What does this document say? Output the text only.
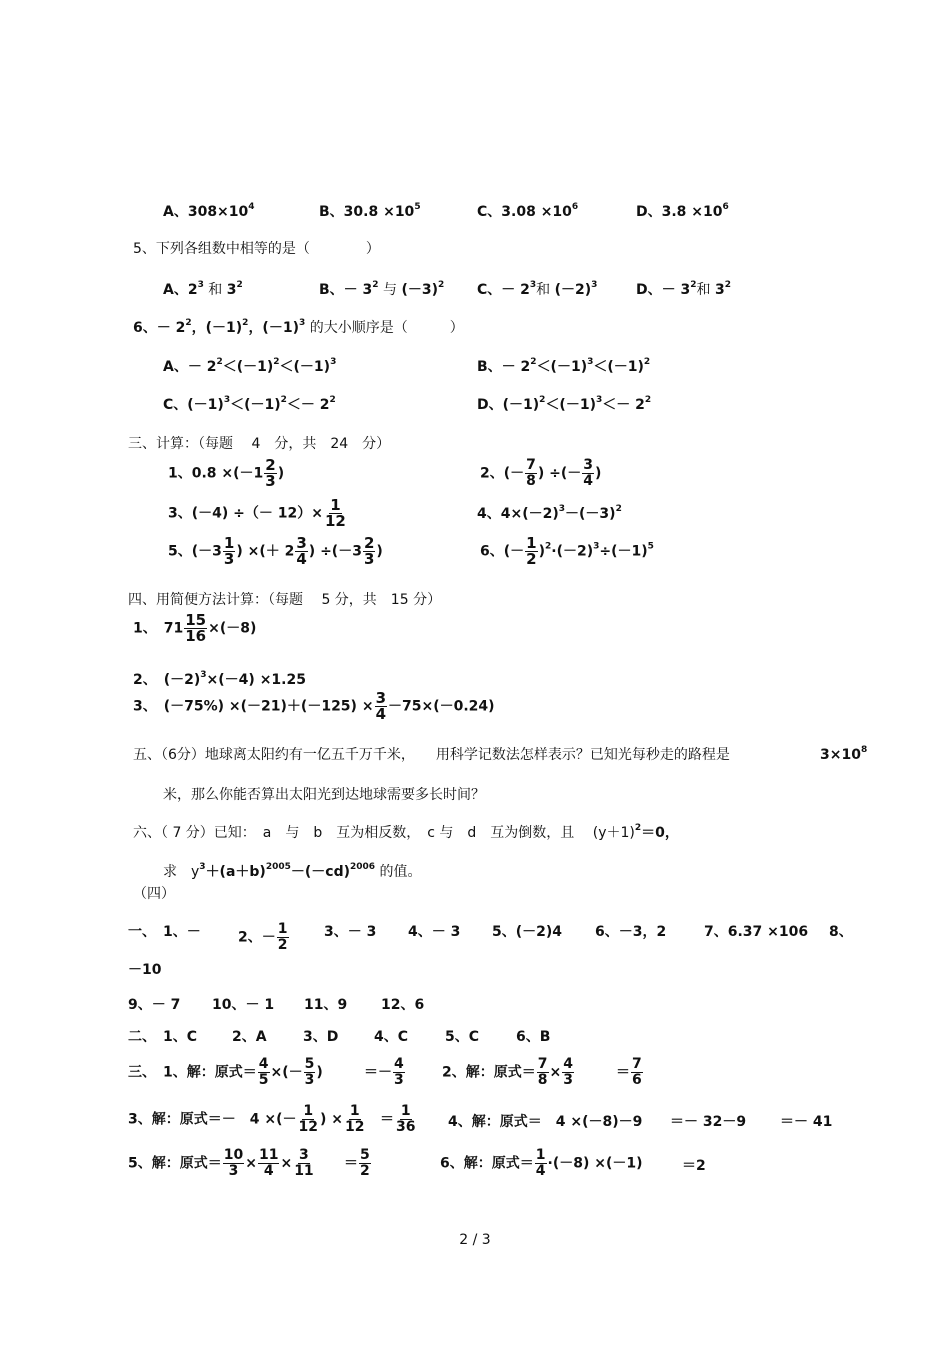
A、$308\times 10^4$	B、$30.8 \times 10^5$	C、$3.08 \times 10^6$	D、$3.8 \times 10^6$
5、下列各组数中相等的是（　　　　）
A、$2^3$ 和 $3^2$	B、－ $3^2$ 与 $(-3)^2$ C、－ $2^3$和 $(-2)^3$	D、－ $3^2$和 $3^2$
6、－ $2^2$，$(-1)^2$，$(-1)^3$ 的大小顺序是（　　　）
A、－ $2^2<(-1)^2<(-1)^3$	B、－ $2^2<(-1)^3<(-1)^2$
C、$(-1)^3<(-1)^2<- 2^2$	D、$(-1)^2<(-1)^3<- 2^2$
三、计算：（每题　 4　分，共　24　分）
1、$0.8 \times(-1 \frac{2}{3}$ )	2、(－ $\frac{7}{8}$ ) ÷(－ $\frac{3}{4}$ )
3、(－4) ÷（－ $12)\times \frac{1}{12}$	4、$4\times(-2)^3-(-3)^2$
5、($-3 \frac{1}{3}$ ) ×(＋ $2 \frac{3}{4}$ ) $\div(-3 \frac{2}{3}$ )	6、(－ $\frac{1}{2} )^2\cdot(-2)^3\div(-1)^5$
四、用简便方法计算：（每题　 5 分，共　15 分）
1、　$71 \frac{15}{16} \times(-8)$
2、　$(-2)^3\times(-4) \times 1.25$
3、　$(-75\%) \times(-21)+(-125) \times \frac{3}{4} -75\times(-0.24)$
五、（6分）地球离太阳约有一亿五千万千米，　　用科学记数法怎样表示？已知光每秒走的路程是	$3\times 10^8$
米，那么你能否算出太阳光到达地球需要多长时间？
六、（ 7 分）已知：　a　与　b　互为相反数，　c 与　d　互为倒数，且　 $(y+1)^2=0$，
求　$y^3+(a+b)^{2005}-(-cd)^{2006}$ 的值。
（四）
一、　1、－	2、－ $\frac{1}{2}$	3、－ 3 4、－ 3 5、(－2)4 6、－3，2	7、6.37 ×106 8、
－10
9、－ 7 10、－ 1 11、9 12、6
二、　1、C 2、A	3、D	4、C	5、C	6、B
三、　1、解：原式＝ $\frac{4}{5}$ ×(－ $\frac{5}{3}$ )	＝－ $\frac{4}{3}$	2、解：原式＝ $\frac{7}{8} \times \frac{4}{3}$	＝ $\frac{7}{6}$
3、解：原式＝－　4 ×(－ $\frac{1}{12}$ ) × $\frac{1}{12} = \frac{1}{36} 4$、解：原式＝　4 ×(－8)－9 ＝－ 32－9 ＝－ 41
5、解：原式＝ $\frac{10}{3} \times \frac{11}{4} \times \frac{3}{11} = \frac{5}{2}$	6、解：原式＝ $\frac{1}{4} \cdot(-8) \times(-1)$	＝2
2 / 3
